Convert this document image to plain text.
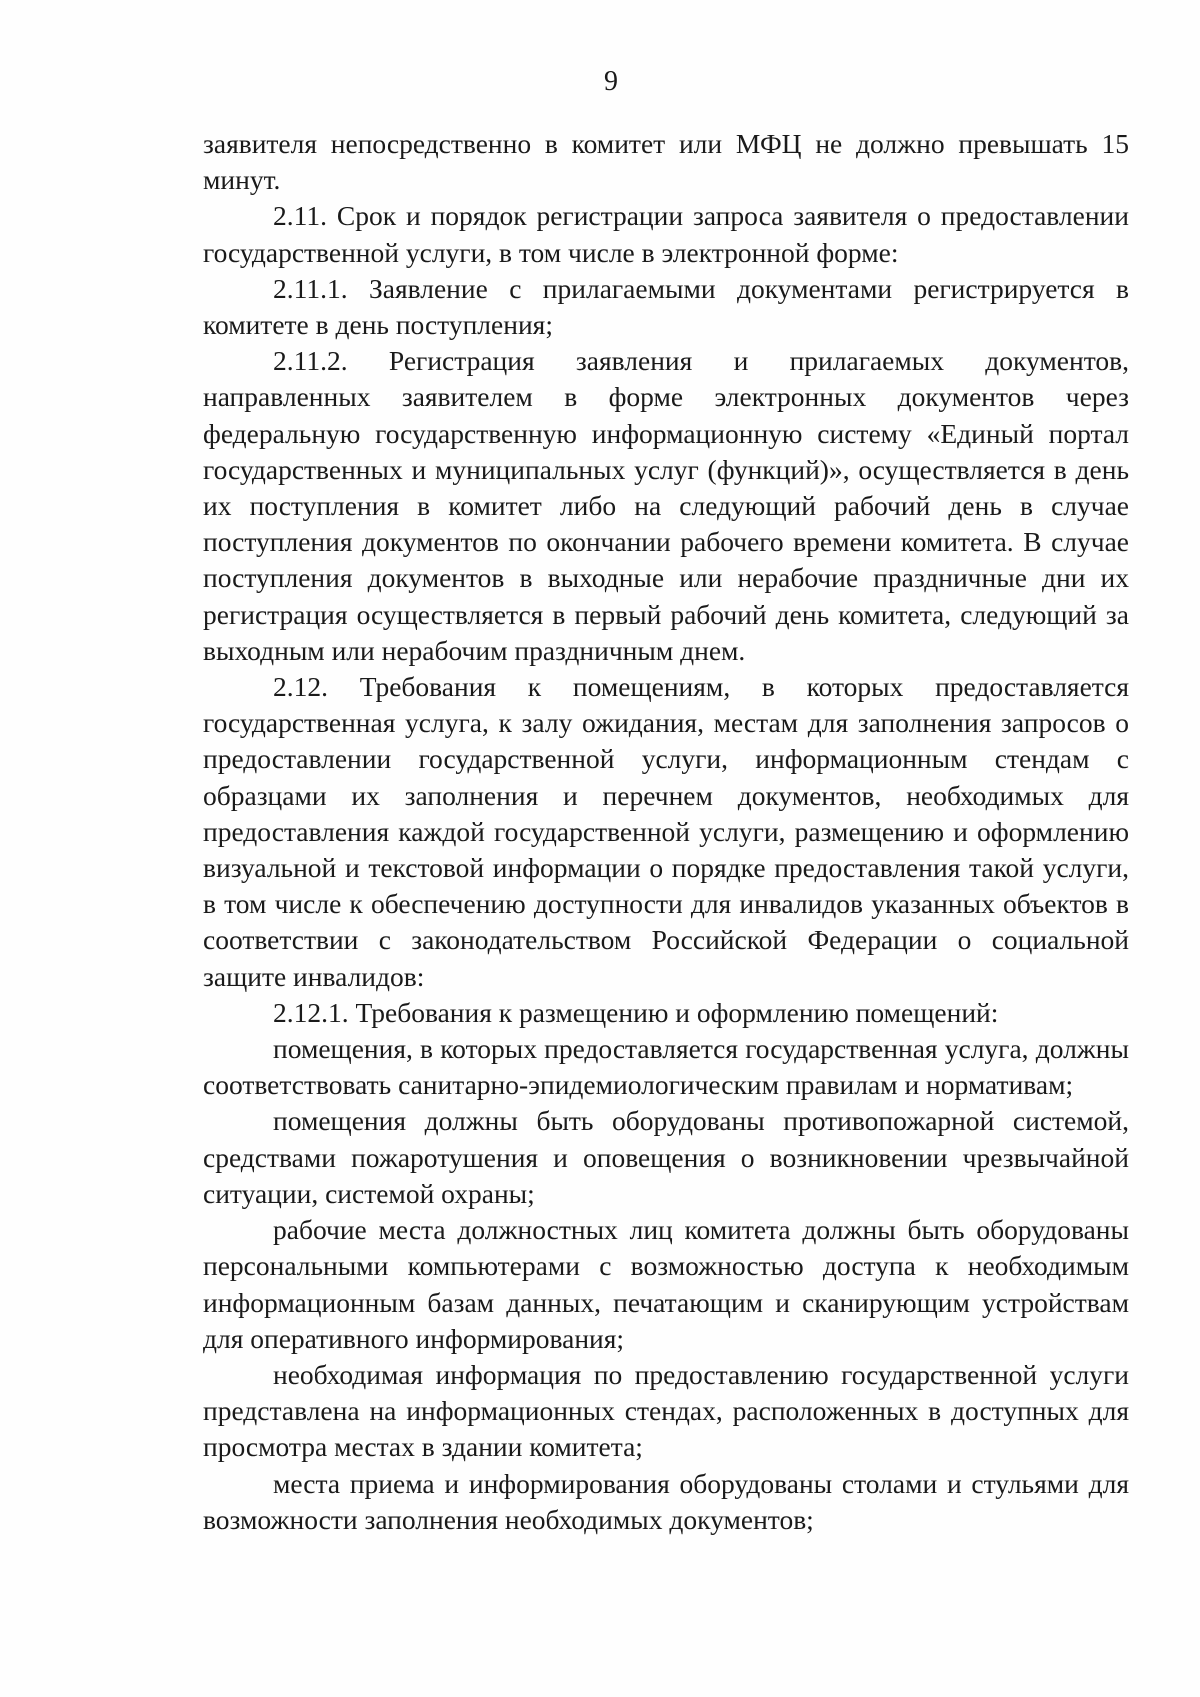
9

заявителя непосредственно в комитет или МФЦ не должно превышать 15 минут.

2.11. Срок и порядок регистрации запроса заявителя о предоставлении государственной услуги, в том числе в электронной форме:

2.11.1. Заявление с прилагаемыми документами регистрируется в комитете в день поступления;

2.11.2. Регистрация заявления и прилагаемых документов, направленных заявителем в форме электронных документов через федеральную государственную информационную систему «Единый портал государственных и муниципальных услуг (функций)», осуществляется в день их поступления в комитет либо на следующий рабочий день в случае поступления документов по окончании рабочего времени комитета. В случае поступления документов в выходные или нерабочие праздничные дни их регистрация осуществляется в первый рабочий день комитета, следующий за выходным или нерабочим праздничным днем.

2.12. Требования к помещениям, в которых предоставляется государственная услуга, к залу ожидания, местам для заполнения запросов о предоставлении государственной услуги, информационным стендам с образцами их заполнения и перечнем документов, необходимых для предоставления каждой государственной услуги, размещению и оформлению визуальной и текстовой информации о порядке предоставления такой услуги, в том числе к обеспечению доступности для инвалидов указанных объектов в соответствии с законодательством Российской Федерации о социальной защите инвалидов:

2.12.1. Требования к размещению и оформлению помещений:

помещения, в которых предоставляется государственная услуга, должны соответствовать санитарно-эпидемиологическим правилам и нормативам;

помещения должны быть оборудованы противопожарной системой, средствами пожаротушения и оповещения о возникновении чрезвычайной ситуации, системой охраны;

рабочие места должностных лиц комитета должны быть оборудованы персональными компьютерами с возможностью доступа к необходимым информационным базам данных, печатающим и сканирующим устройствам для оперативного информирования;

необходимая информация по предоставлению государственной услуги представлена на информационных стендах, расположенных в доступных для просмотра местах в здании комитета;

места приема и информирования оборудованы столами и стульями для возможности заполнения необходимых документов;
